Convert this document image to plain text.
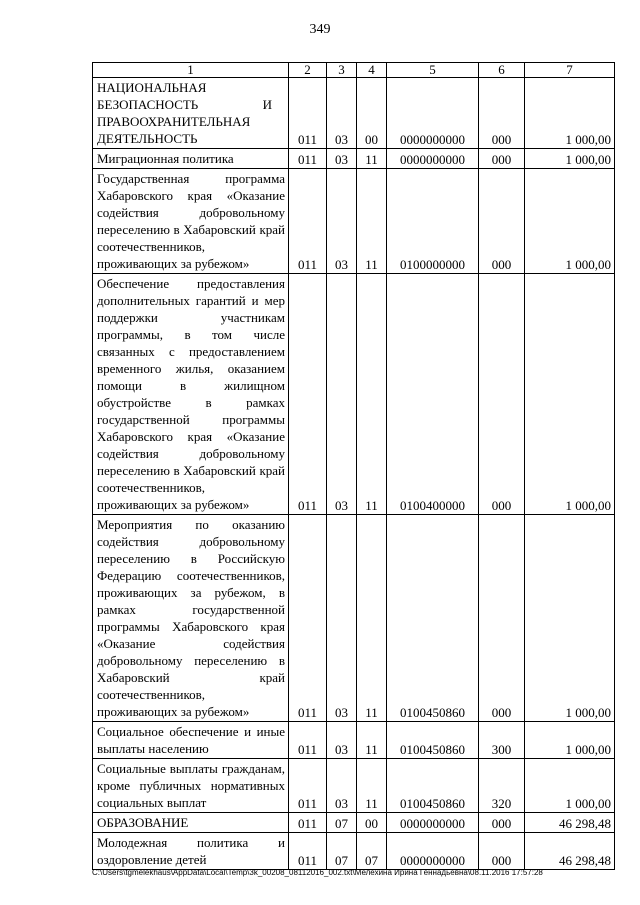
349
1	2	3	4	5	6	7
НАЦИОНАЛЬНАЯ БЕЗОПАСНОСТЬ И ПРАВООХРАНИТЕЛЬНАЯ ДЕЯТЕЛЬНОСТЬ	011	03	00	0000000000	000	1 000,00
Миграционная политика	011	03	11	0000000000	000	1 000,00
Государственная программа Хабаровского края «Оказание содействия добровольному переселению в Хабаровский край соотечественников, проживающих за рубежом»	011	03	11	0100000000	000	1 000,00
Обеспечение предоставления дополнительных гарантий и мер поддержки участникам программы, в том числе связанных с предоставлением временного жилья, оказанием помощи в жилищном обустройстве в рамках государственной программы Хабаровского края «Оказание содействия добровольному переселению в Хабаровский край соотечественников, проживающих за рубежом»	011	03	11	0100400000	000	1 000,00
Мероприятия по оказанию содействия добровольному переселению в Российскую Федерацию соотечественников, проживающих за рубежом, в рамках государственной программы Хабаровского края «Оказание содействия добровольному переселению в Хабаровский край соотечественников, проживающих за рубежом»	011	03	11	0100450860	000	1 000,00
Социальное обеспечение и иные выплаты населению	011	03	11	0100450860	300	1 000,00
Социальные выплаты гражданам, кроме публичных нормативных социальных выплат	011	03	11	0100450860	320	1 000,00
ОБРАЗОВАНИЕ	011	07	00	0000000000	000	46 298,48
Молодежная политика и оздоровление детей	011	07	07	0000000000	000	46 298,48
C:\Users\tgmelekhaus\AppData\Local\Temp\3k_00208_08112016_002.txt\Мелехина Ирина Геннадьевна\08.11.2016 17:57:28
